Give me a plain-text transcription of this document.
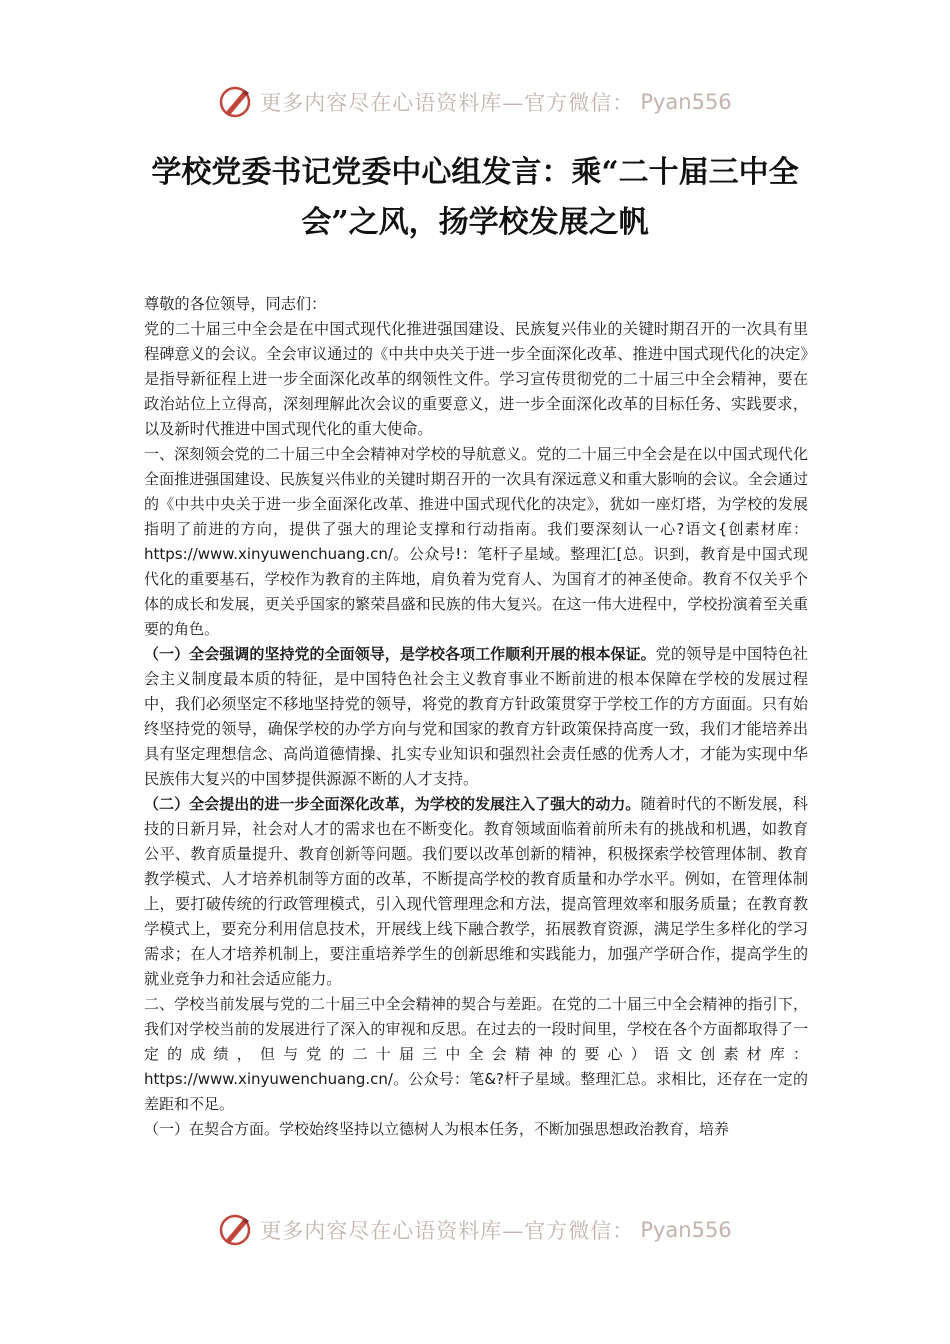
更多内容尽在心语资料库—官方微信： Pyan556
学校党委书记党委中心组发言：乘“二十届三中全会”之风，扬学校发展之帆

尊敬的各位领导，同志们：

党的二十届三中全会是在中国式现代化推进强国建设、民族复兴伟业的关键时期召开的一次具有里程碑意义的会议。全会审议通过的《中共中央关于进一步全面深化改革、推进中国式现代化的决定》是指导新征程上进一步全面深化改革的纲领性文件。学习宣传贯彻党的二十届三中全会精神，要在政治站位上立得高，深刻理解此次会议的重要意义，进一步全面深化改革的目标任务、实践要求，以及新时代推进中国式现代化的重大使命。

一、深刻领会党的二十届三中全会精神对学校的导航意义。党的二十届三中全会是在以中国式现代化全面推进强国建设、民族复兴伟业的关键时期召开的一次具有深远意义和重大影响的会议。全会通过的《中共中央关于进一步全面深化改革、推进中国式现代化的决定》，犹如一座灯塔，为学校的发展指明了前进的方向，提供了强大的理论支撑和行动指南。我们要深刻认一心?语文{创素材库：https://www.xinyuwenchuang.cn/。公众号!：笔杆子星域。整理汇[总。识到，教育是中国式现代化的重要基石，学校作为教育的主阵地，肩负着为党育人、为国育才的神圣使命。教育不仅关乎个体的成长和发展，更关乎国家的繁荣昌盛和民族的伟大复兴。在这一伟大进程中，学校扮演着至关重要的角色。

（一）全会强调的坚持党的全面领导，是学校各项工作顺利开展的根本保证。党的领导是中国特色社会主义制度最本质的特征，是中国特色社会主义教育事业不断前进的根本保障在学校的发展过程中，我们必须坚定不移地坚持党的领导，将党的教育方针政策贯穿于学校工作的方方面面。只有始终坚持党的领导，确保学校的办学方向与党和国家的教育方针政策保持高度一致，我们才能培养出具有坚定理想信念、高尚道德情操、扎实专业知识和强烈社会责任感的优秀人才，才能为实现中华民族伟大复兴的中国梦提供源源不断的人才支持。

（二）全会提出的进一步全面深化改革，为学校的发展注入了强大的动力。随着时代的不断发展，科技的日新月异，社会对人才的需求也在不断变化。教育领域面临着前所未有的挑战和机遇，如教育公平、教育质量提升、教育创新等问题。我们要以改革创新的精神，积极探索学校管理体制、教育教学模式、人才培养机制等方面的改革，不断提高学校的教育质量和办学水平。例如，在管理体制上，要打破传统的行政管理模式，引入现代管理理念和方法，提高管理效率和服务质量；在教育教学模式上，要充分利用信息技术，开展线上线下融合教学，拓展教育资源，满足学生多样化的学习需求；在人才培养机制上，要注重培养学生的创新思维和实践能力，加强产学研合作，提高学生的就业竞争力和社会适应能力。

二、学校当前发展与党的二十届三中全会精神的契合与差距。在党的二十届三中全会精神的指引下，我们对学校当前的发展进行了深入的审视和反思。在过去的一段时间里，学校在各个方面都取得了一定的成绩，但与党的二十届三中全会精神的要心）语文创素材库：https://www.xinyuwenchuang.cn/。公众号：笔&?杆子星域。整理汇总。求相比，还存在一定的差距和不足。

（一）在契合方面。学校始终坚持以立德树人为根本任务，不断加强思想政治教育，培养

更多内容尽在心语资料库—官方微信： Pyan556
